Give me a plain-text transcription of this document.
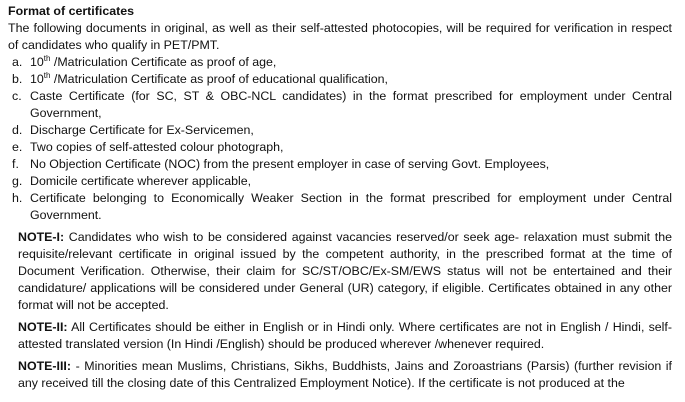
Format of certificates
The following documents in original, as well as their self-attested photocopies, will be required for verification in respect of candidates who qualify in PET/PMT.
a. 10th /Matriculation Certificate as proof of age,
b. 10th /Matriculation Certificate as proof of educational qualification,
c. Caste Certificate (for SC, ST & OBC-NCL candidates) in the format prescribed for employment under Central Government,
d. Discharge Certificate for Ex-Servicemen,
e. Two copies of self-attested colour photograph,
f. No Objection Certificate (NOC) from the present employer in case of serving Govt. Employees,
g. Domicile certificate wherever applicable,
h. Certificate belonging to Economically Weaker Section in the format prescribed for employment under Central Government.
NOTE-I: Candidates who wish to be considered against vacancies reserved/or seek age- relaxation must submit the requisite/relevant certificate in original issued by the competent authority, in the prescribed format at the time of Document Verification. Otherwise, their claim for SC/ST/OBC/Ex-SM/EWS status will not be entertained and their candidature/ applications will be considered under General (UR) category, if eligible. Certificates obtained in any other format will not be accepted.
NOTE-II: All Certificates should be either in English or in Hindi only. Where certificates are not in English / Hindi, self-attested translated version (In Hindi /English) should be produced wherever /whenever required.
NOTE-III: - Minorities mean Muslims, Christians, Sikhs, Buddhists, Jains and Zoroastrians (Parsis) (further revision if any received till the closing date of this Centralized Employment Notice). If the certificate is not produced at the
